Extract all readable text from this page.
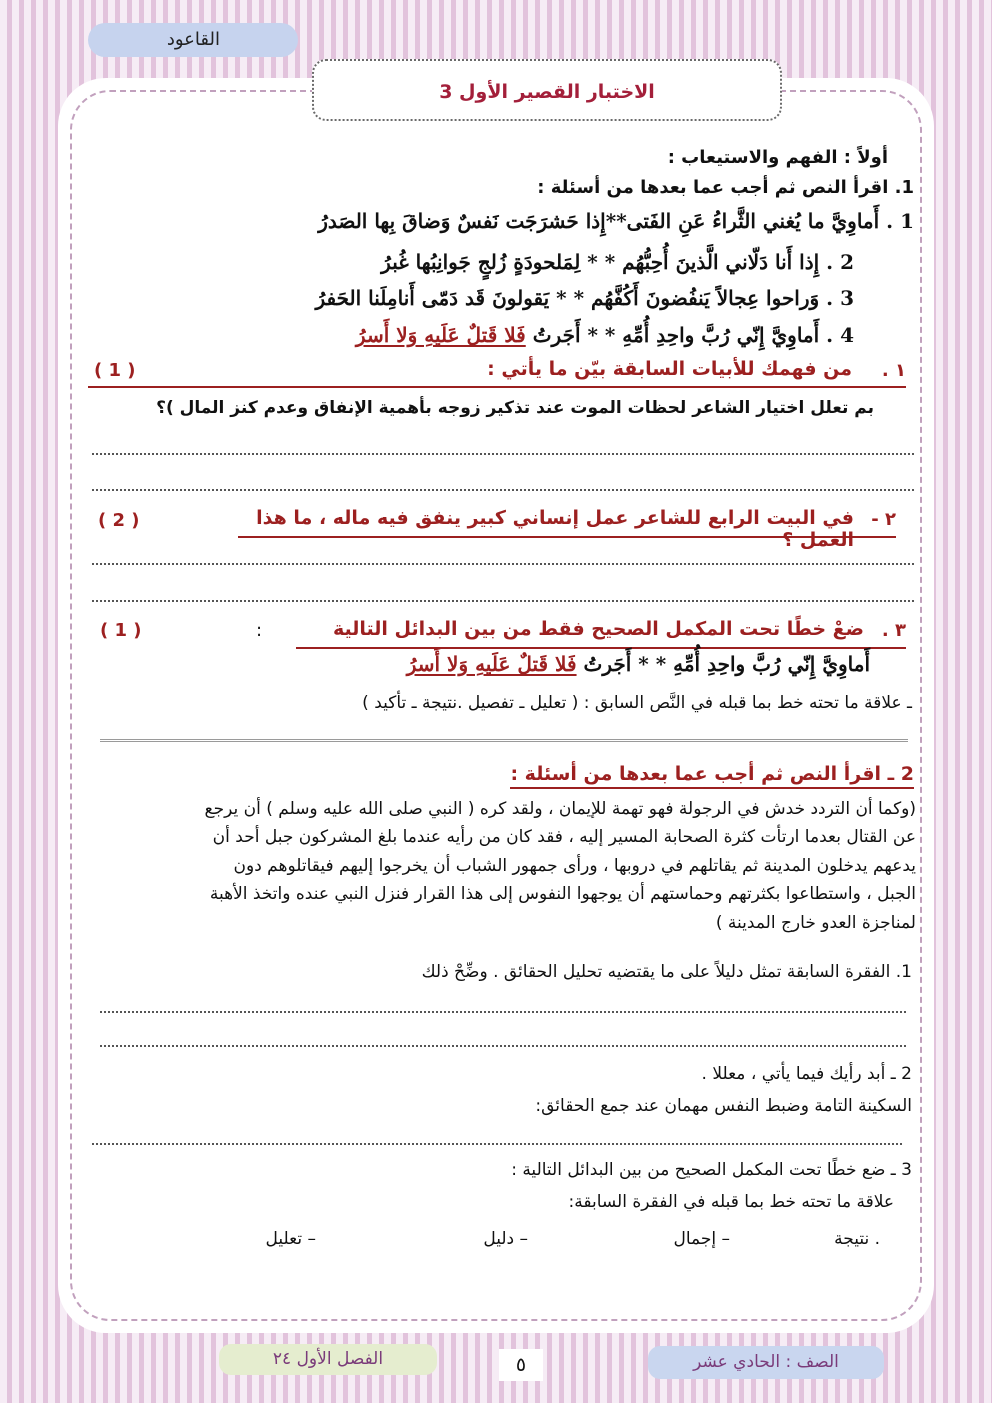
القاعود
الاختبار القصير الأول 3
أولاً : الفهم والاستيعاب :
1. اقرأ النص ثم أجب عما بعدها من أسئلة :
1 . أَماوِيَّ ما يُغني الثَّراءُ عَنِ الفَتى**إِذا حَشرَجَت نَفسٌ وَضاقَ بِها الصَدرُ
2 . إِذا أَنا دَلّاني الَّذينَ أُحِبُّهُم * * لِمَلحودَةٍ زُلجٍ جَوانِبُها غُبرُ
3 . وَراحوا عِجالاً يَنفُضونَ أَكُفَّهُم * * يَقولونَ قَد دَمّى أَنامِلَنا الحَفرُ
4 . أَماوِيَّ إِنّي رُبَّ واحِدِ أُمِّهِ * * أَجَرتُ فَلا قَتلٌ عَلَيهِ وَلا أَسرُ
١ .
من فهمك للأبيات السابقة بيّن ما يأتي :
( 1 )
بم تعلل اختيار الشاعر لحظات الموت عند تذكير زوجه بأهمية الإنفاق وعدم كنز المال )؟
٢ -
في البيت الرابع للشاعر عمل إنساني كبير ينفق فيه ماله ، ما هذا العمل ؟
( 2 )
٣ .
ضعْ خطًا تحت المكمل الصحيح فقط من بين البدائل التالية
:
( 1 )
أَماوِيَّ إِنّي رُبَّ واحِدِ أُمِّهِ * * أَجَرتُ فَلا قَتلٌ عَلَيهِ وَلا أَسرُ
ـ علاقة ما تحته خط بما قبله في النَّص السابق : ( تعليل ـ تفصيل .نتيجة ـ تأكيد )
2 ـ اقرأ النص ثم أجب عما بعدها من أسئلة :
(وكما أن التردد خدش في الرجولة فهو تهمة للإيمان ، ولقد كره ( النبي صلى الله عليه وسلم ) أن يرجع
عن القتال بعدما ارتأت كثرة الصحابة المسير إليه ، فقد كان من رأيه عندما بلغ المشركون جبل أحد أن
يدعهم يدخلون المدينة ثم يقاتلهم في دروبها ، ورأى جمهور الشباب أن يخرجوا إليهم فيقاتلوهم دون
الجبل ، واستطاعوا بكثرتهم وحماستهم أن يوجهوا النفوس إلى هذا القرار فنزل النبي عنده واتخذ الأهبة
لمناجزة العدو خارج المدينة )
1. الفقرة السابقة تمثل دليلاً على ما يقتضيه تحليل الحقائق . وضِّحْ ذلك
2 ـ أبد رأيك فيما يأتي ، معللا .
السكينة التامة وضبط النفس مهمان عند جمع الحقائق:
3 ـ ضع خطًا تحت المكمل الصحيح من بين البدائل التالية :
علاقة ما تحته خط بما قبله في الفقرة السابقة:
. نتيجة
– إجمال
– دليل
– تعليل
الصف : الحادي عشر
٥
الفصل الأول ٢٤
